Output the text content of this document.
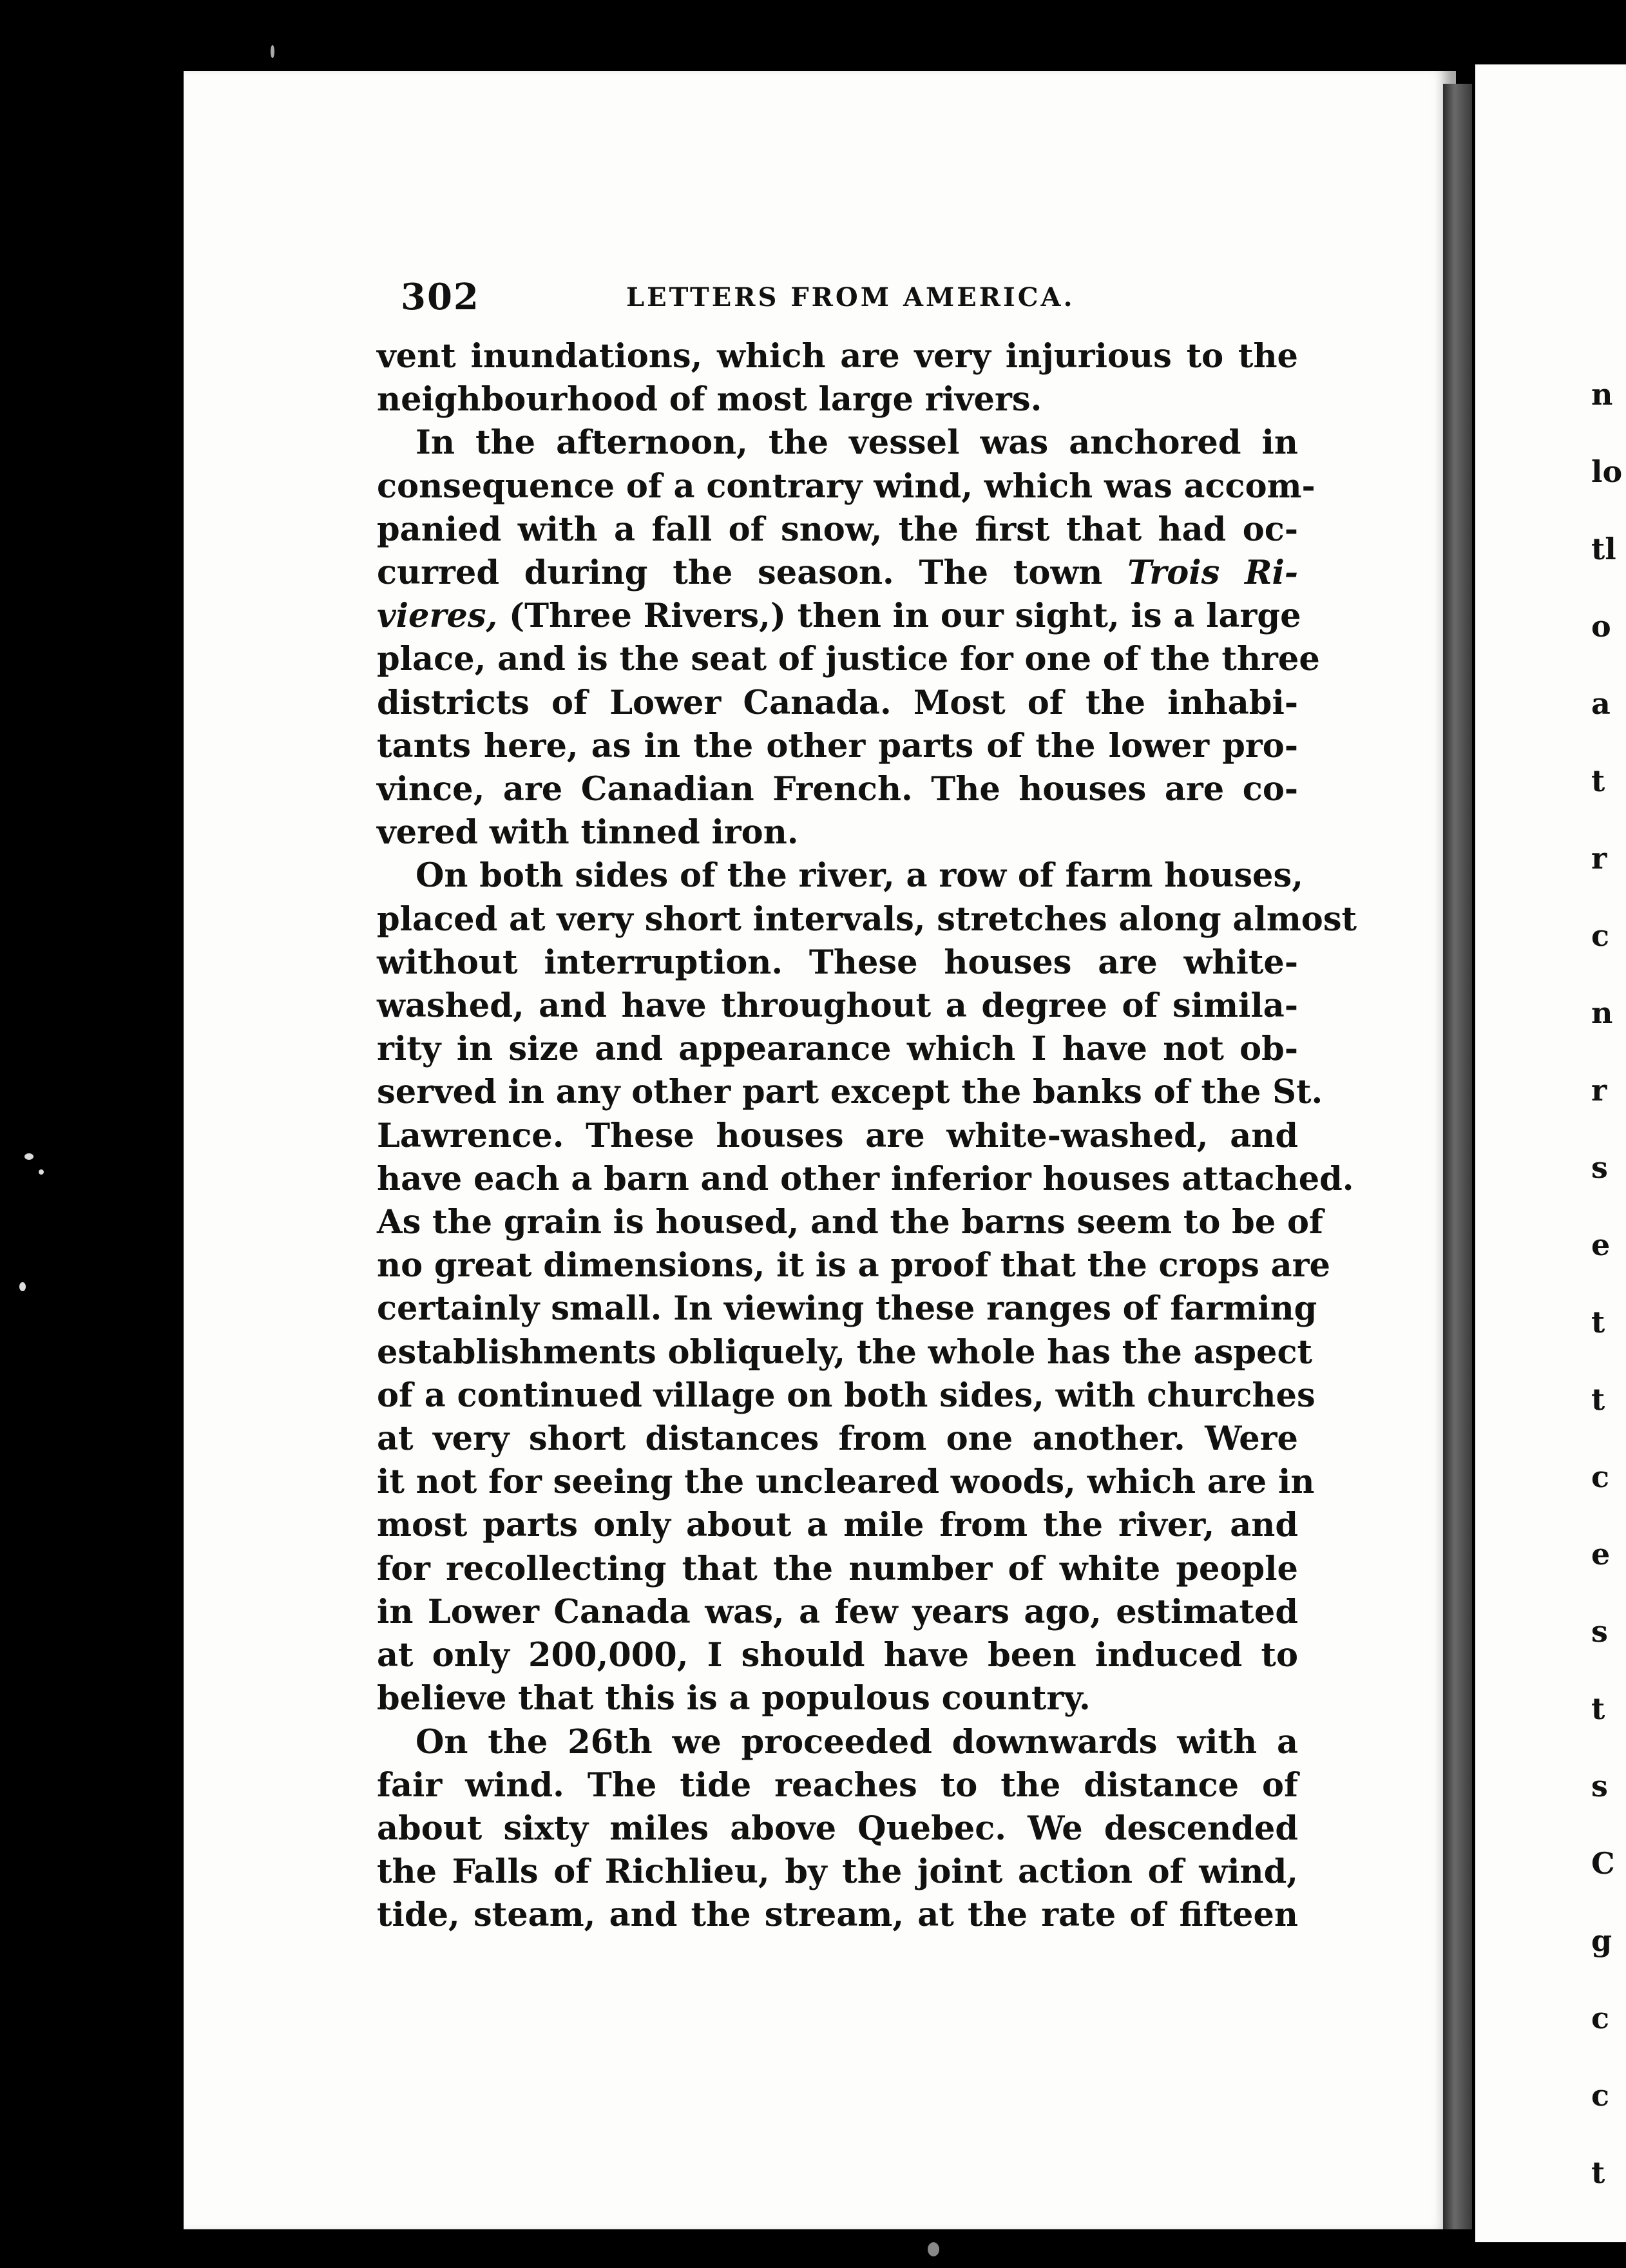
n
lo
tl
o
a
t
r
c
n
r
s
e
t
t
c
e
s
t
s
C
g
c
c
t
302	LETTERS FROM AMERICA.
vent inundations, which are very injurious to the
neighbourhood of most large rivers.
In the afternoon, the vessel was anchored in
consequence of a contrary wind, which was accom-
panied with a fall of snow, the first that had oc-
curred during the season. The town Trois Ri-
vieres, (Three Rivers,) then in our sight, is a large
place, and is the seat of justice for one of the three
districts of Lower Canada. Most of the inhabi-
tants here, as in the other parts of the lower pro-
vince, are Canadian French. The houses are co-
vered with tinned iron.
On both sides of the river, a row of farm houses,
placed at very short intervals, stretches along almost
without interruption. These houses are white-
washed, and have throughout a degree of simila-
rity in size and appearance which I have not ob-
served in any other part except the banks of the St.
Lawrence. These houses are white-washed, and
have each a barn and other inferior houses attached.
As the grain is housed, and the barns seem to be of
no great dimensions, it is a proof that the crops are
certainly small. In viewing these ranges of farming
establishments obliquely, the whole has the aspect
of a continued village on both sides, with churches
at very short distances from one another. Were
it not for seeing the uncleared woods, which are in
most parts only about a mile from the river, and
for recollecting that the number of white people
in Lower Canada was, a few years ago, estimated
at only 200,000, I should have been induced to
believe that this is a populous country.
On the 26th we proceeded downwards with a
fair wind. The tide reaches to the distance of
about sixty miles above Quebec. We descended
the Falls of Richlieu, by the joint action of wind,
tide, steam, and the stream, at the rate of fifteen
